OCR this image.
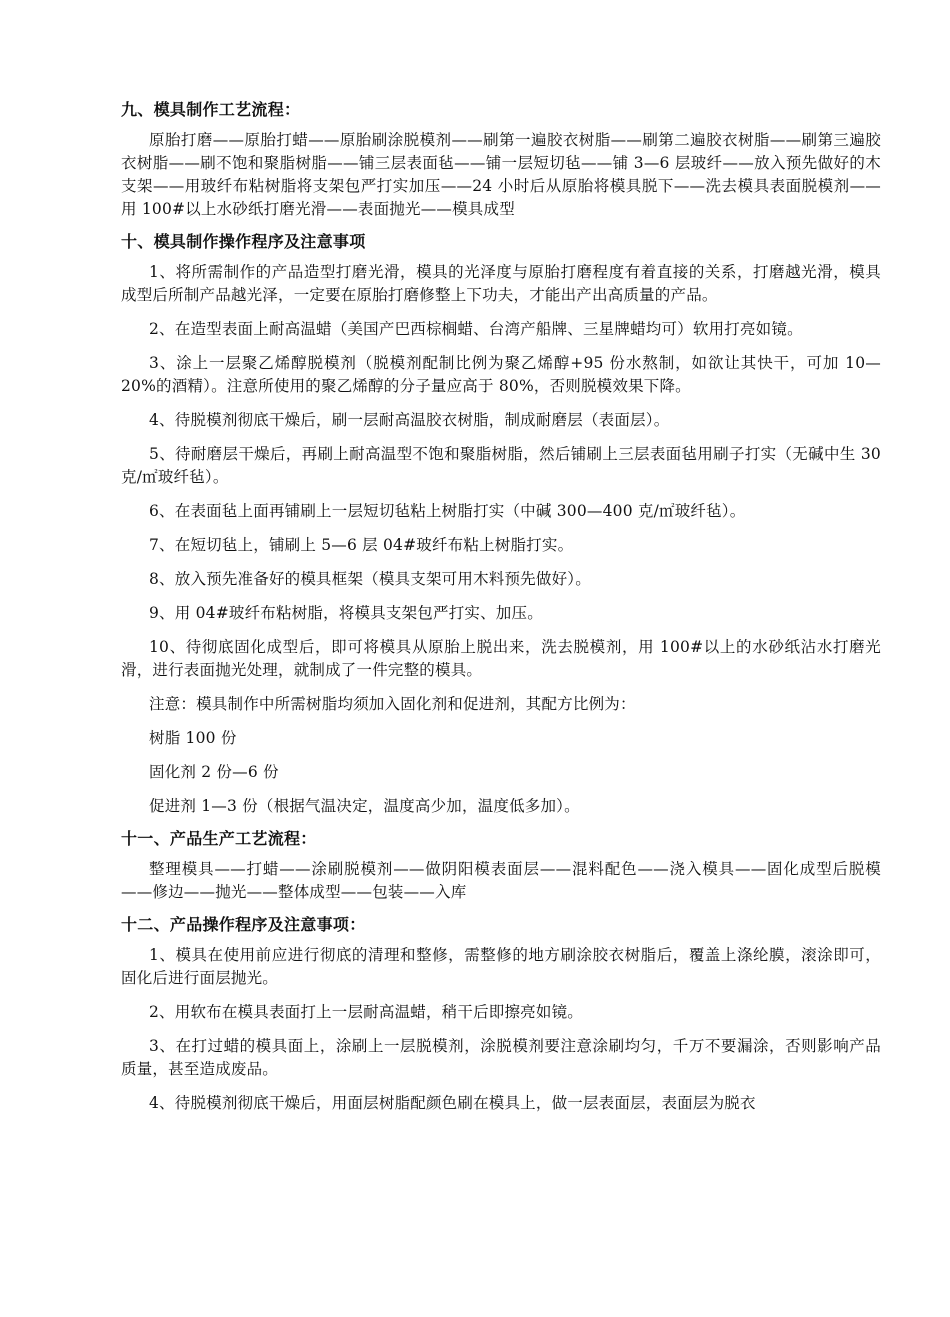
九、模具制作工艺流程：

原胎打磨——原胎打蜡——原胎刷涂脱模剂——刷第一遍胶衣树脂——刷第二遍胶衣树脂——刷第三遍胶衣树脂——刷不饱和聚脂树脂——铺三层表面毡——铺一层短切毡——铺 3—6 层玻纤——放入预先做好的木支架——用玻纤布粘树脂将支架包严打实加压——24 小时后从原胎将模具脱下——洗去模具表面脱模剂——用 100#以上水砂纸打磨光滑——表面抛光——模具成型

十、模具制作操作程序及注意事项

1、将所需制作的产品造型打磨光滑，模具的光泽度与原胎打磨程度有着直接的关系，打磨越光滑，模具成型后所制产品越光泽，一定要在原胎打磨修整上下功夫，才能出产出高质量的产品。

2、在造型表面上耐高温蜡（美国产巴西棕榈蜡、台湾产船牌、三星牌蜡均可）软用打亮如镜。

3、涂上一层聚乙烯醇脱模剂（脱模剂配制比例为聚乙烯醇+95 份水熬制，如欲让其快干，可加 10—20%的酒精）。注意所使用的聚乙烯醇的分子量应高于 80%，否则脱模效果下降。

4、待脱模剂彻底干燥后，刷一层耐高温胶衣树脂，制成耐磨层（表面层）。

5、待耐磨层干燥后，再刷上耐高温型不饱和聚脂树脂，然后铺刷上三层表面毡用刷子打实（无碱中生 30 克/㎡玻纤毡）。

6、在表面毡上面再铺刷上一层短切毡粘上树脂打实（中碱 300—400 克/㎡玻纤毡）。

7、在短切毡上，铺刷上 5—6 层 04#玻纤布粘上树脂打实。

8、放入预先准备好的模具框架（模具支架可用木料预先做好）。

9、用 04#玻纤布粘树脂，将模具支架包严打实、加压。

10、待彻底固化成型后，即可将模具从原胎上脱出来，洗去脱模剂，用 100#以上的水砂纸沾水打磨光滑，进行表面抛光处理，就制成了一件完整的模具。

注意：模具制作中所需树脂均须加入固化剂和促进剂，其配方比例为：

树脂 100 份

固化剂 2 份—6 份

促进剂 1—3 份（根据气温决定，温度高少加，温度低多加）。

十一、产品生产工艺流程：

整理模具——打蜡——涂刷脱模剂——做阴阳模表面层——混料配色——浇入模具——固化成型后脱模——修边——抛光——整体成型——包装——入库

十二、产品操作程序及注意事项：

1、模具在使用前应进行彻底的清理和整修，需整修的地方刷涂胶衣树脂后，覆盖上涤纶膜，滚涂即可，固化后进行面层抛光。

2、用软布在模具表面打上一层耐高温蜡，稍干后即擦亮如镜。

3、在打过蜡的模具面上，涂刷上一层脱模剂，涂脱模剂要注意涂刷均匀，千万不要漏涂，否则影响产品质量，甚至造成废品。

4、待脱模剂彻底干燥后，用面层树脂配颜色刷在模具上，做一层表面层，表面层为脱衣
